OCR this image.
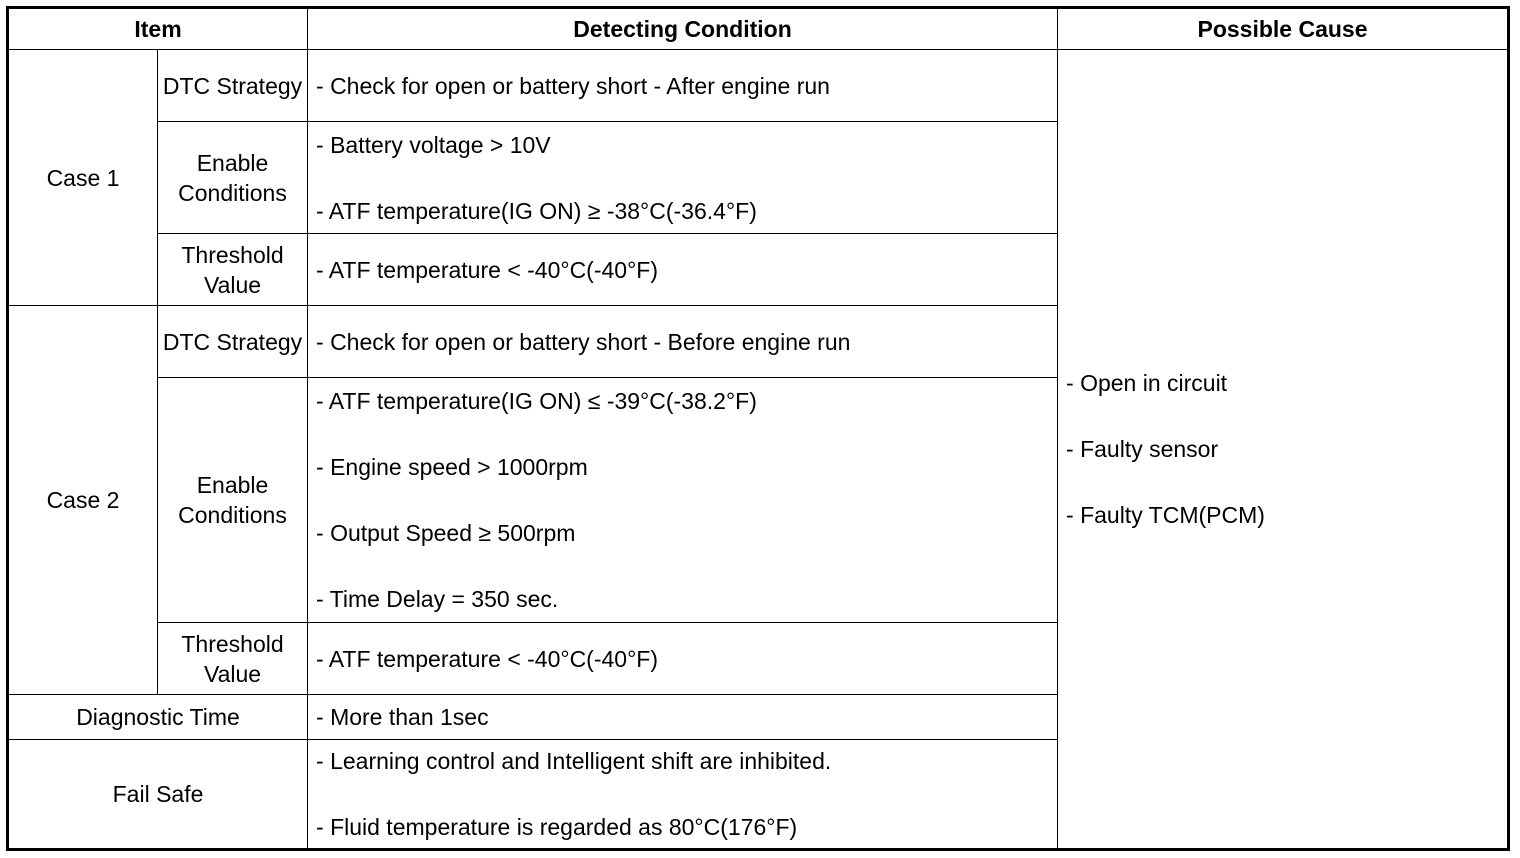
Item		Detecting Condition	Possible Cause
Case 1	DTC Strategy	- Check for open or battery short - After engine run	- Open in circuit
- Faulty sensor
- Faulty TCM(PCM)

	Enable Conditions	- Battery voltage > 10V
- ATF temperature(IG ON) ≥ -38°C(-36.4°F)	

	Threshold Value	- ATF temperature < -40°C(-40°F)	

Case 2	DTC Strategy	- Check for open or battery short - Before engine run	

	Enable Conditions	- ATF temperature(IG ON) ≤ -39°C(-38.2°F)
- Engine speed > 1000rpm
- Output Speed ≥ 500rpm
- Time Delay = 350 sec.	

	Threshold Value	- ATF temperature < -40°C(-40°F)	

Diagnostic Time		- More than 1sec	

Fail Safe		- Learning control and Intelligent shift are inhibited.
- Fluid temperature is regarded as 80°C(176°F)	
